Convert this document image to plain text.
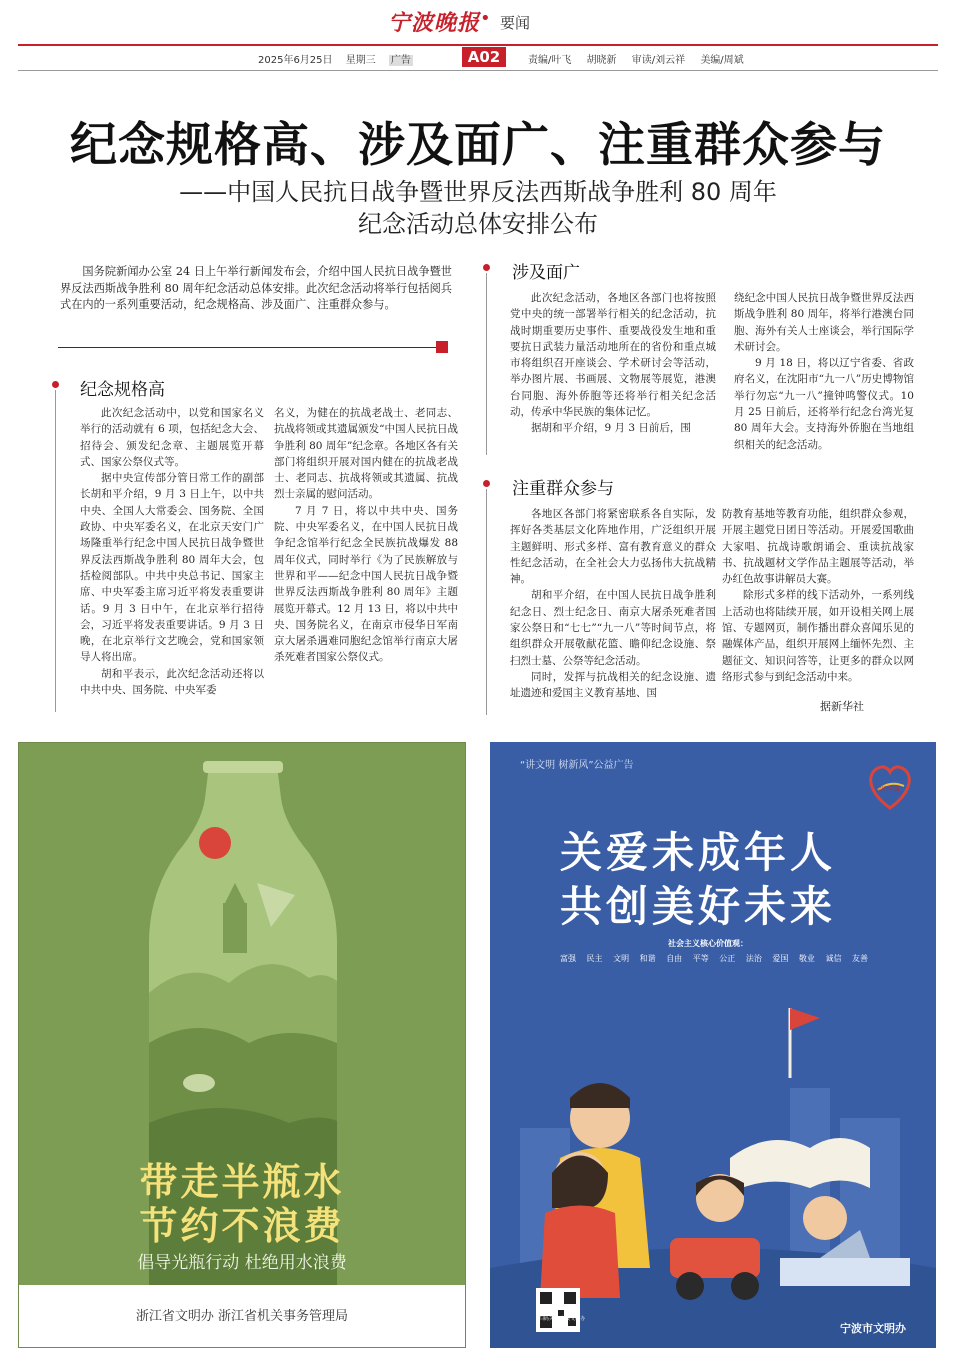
宁波晚报 • 要闻
2025年6月25日 星期三 广告	A02	责编/叶飞 胡晓新 审读/刘云祥 美编/周斌
纪念规格高、涉及面广、注重群众参与
——中国人民抗日战争暨世界反法西斯战争胜利 80 周年
纪念活动总体安排公布

国务院新闻办公室 24 日上午举行新闻发布会，介绍中国人民抗日战争暨世界反法西斯战争胜利 80 周年纪念活动总体安排。此次纪念活动将举行包括阅兵式在内的一系列重要活动，纪念规格高、涉及面广、注重群众参与。

纪念规格高

此次纪念活动中，以党和国家名义举行的活动就有 6 项，包括纪念大会、招待会、颁发纪念章、主题展览开幕式、国家公祭仪式等。

据中央宣传部分管日常工作的副部长胡和平介绍，9 月 3 日上午，以中共中央、全国人大常委会、国务院、全国政协、中央军委名义，在北京天安门广场隆重举行纪念中国人民抗日战争暨世界反法西斯战争胜利 80 周年大会，包括检阅部队。中共中央总书记、国家主席、中央军委主席习近平将发表重要讲话。9 月 3 日中午，在北京举行招待会，习近平将发表重要讲话。9 月 3 日晚，在北京举行文艺晚会，党和国家领导人将出席。

胡和平表示，此次纪念活动还将以中共中央、国务院、中央军委

名义，为健在的抗战老战士、老同志、抗战将领或其遗属颁发“中国人民抗日战争胜利 80 周年”纪念章。各地区各有关部门将组织开展对国内健在的抗战老战士、老同志、抗战将领或其遗属、抗战烈士亲属的慰问活动。

7 月 7 日，将以中共中央、国务院、中央军委名义，在中国人民抗日战争纪念馆举行纪念全民族抗战爆发 88 周年仪式，同时举行《为了民族解放与世界和平——纪念中国人民抗日战争暨世界反法西斯战争胜利 80 周年》主题展览开幕式。12 月 13 日，将以中共中央、国务院名义，在南京市侵华日军南京大屠杀遇难同胞纪念馆举行南京大屠杀死难者国家公祭仪式。

涉及面广

此次纪念活动，各地区各部门也将按照党中央的统一部署举行相关的纪念活动，抗战时期重要历史事件、重要战役发生地和重要抗日武装力量活动地所在的省份和重点城市将组织召开座谈会、学术研讨会等活动，举办图片展、书画展、文物展等展览，港澳台同胞、海外侨胞等还将举行相关纪念活动，传承中华民族的集体记忆。

据胡和平介绍，9 月 3 日前后，围

绕纪念中国人民抗日战争暨世界反法西斯战争胜利 80 周年，将举行港澳台同胞、海外有关人士座谈会，举行国际学术研讨会。

9 月 18 日，将以辽宁省委、省政府名义，在沈阳市“九一八”历史博物馆举行勿忘“九一八”撞钟鸣警仪式。10 月 25 日前后，还将举行纪念台湾光复 80 周年大会。支持海外侨胞在当地组织相关的纪念活动。

注重群众参与

各地区各部门将紧密联系各自实际，发挥好各类基层文化阵地作用，广泛组织开展主题鲜明、形式多样、富有教育意义的群众性纪念活动，在全社会大力弘扬伟大抗战精神。

胡和平介绍，在中国人民抗日战争胜利纪念日、烈士纪念日、南京大屠杀死难者国家公祭日和“七七”“九一八”等时间节点，将组织群众开展敬献花篮、瞻仰纪念设施、祭扫烈士墓、公祭等纪念活动。

同时，发挥与抗战相关的纪念设施、遗址遗迹和爱国主义教育基地、国

防教育基地等教育功能，组织群众参观，开展主题党日团日等活动。开展爱国歌曲大家唱、抗战诗歌朗诵会、重读抗战家书、抗战题材文学作品主题展等活动，举办红色故事讲解员大赛。

除形式多样的线下活动外，一系列线上活动也将陆续开展，如开设相关网上展馆、专题网页，制作播出群众喜闻乐见的融媒体产品，组织开展网上缅怀先烈、主题征文、知识问答等，让更多的群众以网络形式参与到纪念活动中来。

据新华社
带走半瓶水
节约不浪费
倡导光瓶行动 杜绝用水浪费
浙江省文明办 浙江省机关事务管理局
“讲文明 树新风”公益广告
文明宁波
关爱未成年人
共创美好未来
社会主义核心价值观：
富强 民主 文明 和谐 自由 平等 公正 法治 爱国 敬业 诚信 友善
扫码关注 宁波文明办
宁波市文明办
